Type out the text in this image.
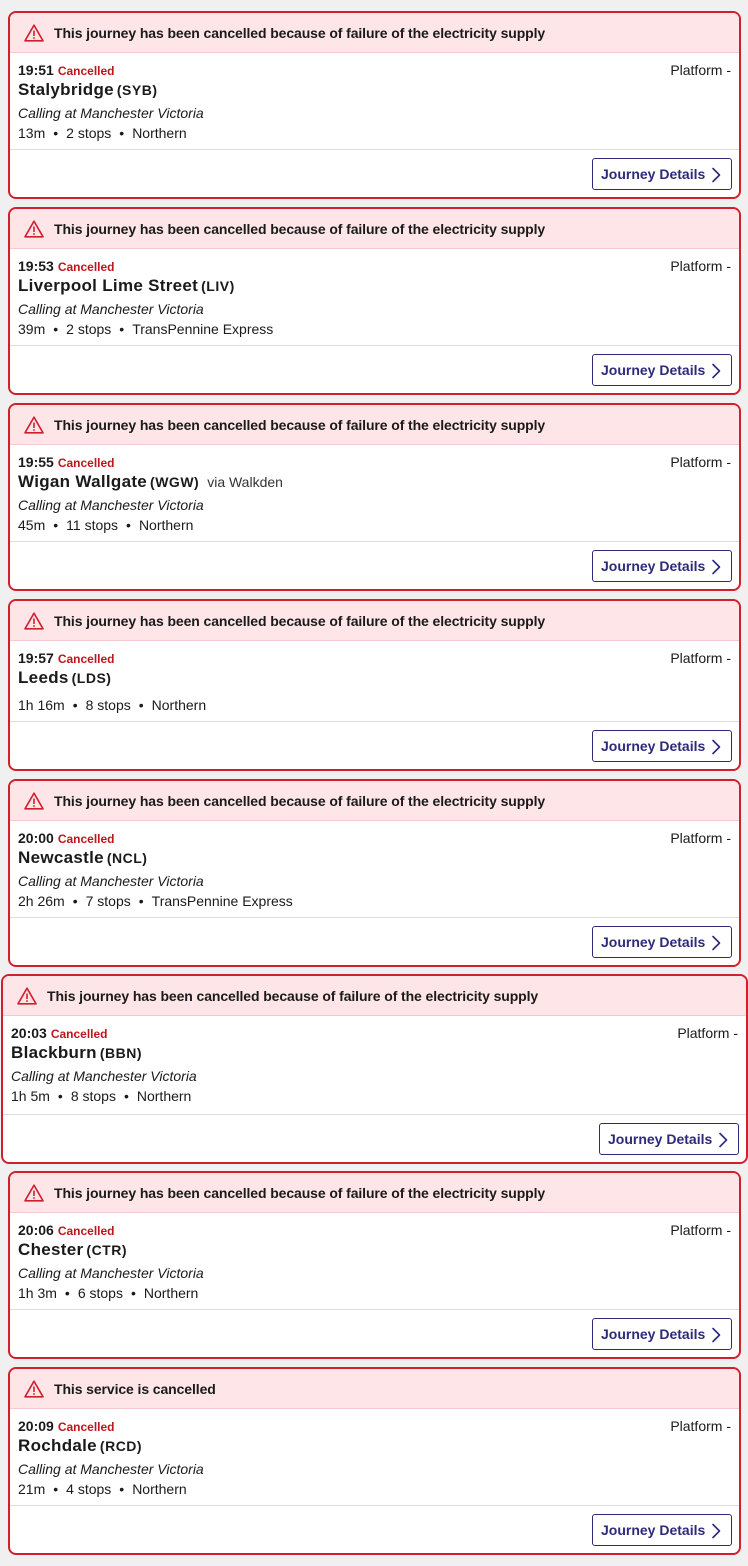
This journey has been cancelled because of failure of the electricity supply
19:51 Cancelled	Platform -
Stalybridge (SYB)
Calling at Manchester Victoria
13m • 2 stops • Northern
Journey Details
This journey has been cancelled because of failure of the electricity supply
19:53 Cancelled	Platform -
Liverpool Lime Street (LIV)
Calling at Manchester Victoria
39m • 2 stops • TransPennine Express
Journey Details
This journey has been cancelled because of failure of the electricity supply
19:55 Cancelled	Platform -
Wigan Wallgate (WGW) via Walkden
Calling at Manchester Victoria
45m • 11 stops • Northern
Journey Details
This journey has been cancelled because of failure of the electricity supply
19:57 Cancelled	Platform -
Leeds (LDS)
1h 16m • 8 stops • Northern
Journey Details
This journey has been cancelled because of failure of the electricity supply
20:00 Cancelled	Platform -
Newcastle (NCL)
Calling at Manchester Victoria
2h 26m • 7 stops • TransPennine Express
Journey Details
This journey has been cancelled because of failure of the electricity supply
20:03 Cancelled	Platform -
Blackburn (BBN)
Calling at Manchester Victoria
1h 5m • 8 stops • Northern
Journey Details
This journey has been cancelled because of failure of the electricity supply
20:06 Cancelled	Platform -
Chester (CTR)
Calling at Manchester Victoria
1h 3m • 6 stops • Northern
Journey Details
This service is cancelled
20:09 Cancelled	Platform -
Rochdale (RCD)
Calling at Manchester Victoria
21m • 4 stops • Northern
Journey Details
